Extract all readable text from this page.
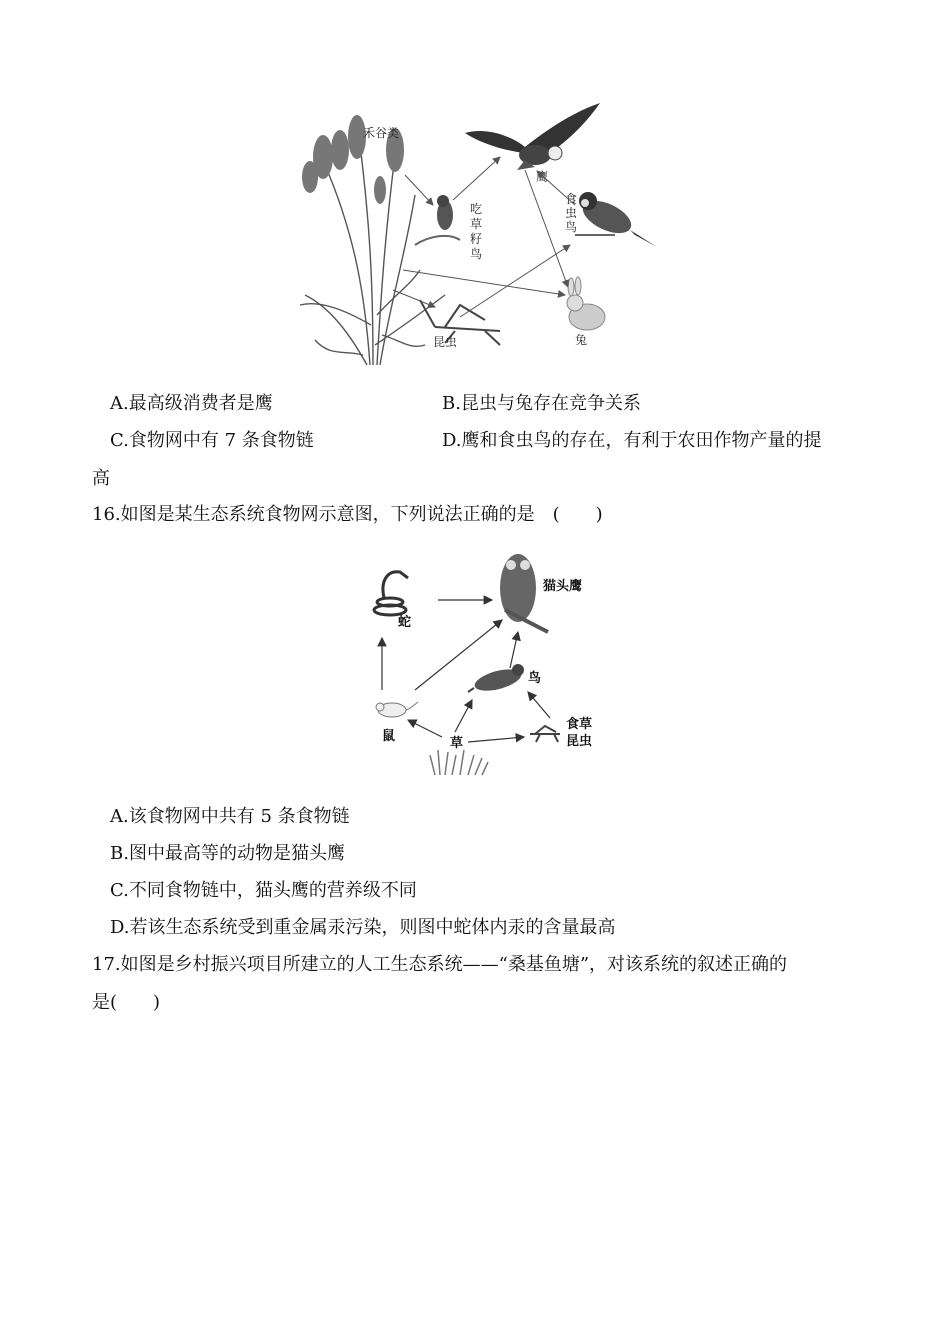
禾谷类
鹰
吃
草
籽
鸟
食
虫
鸟
兔
昆虫
A.最高级消费者是鹰	B.昆虫与兔存在竞争关系
C.食物网中有 7 条食物链	D.鹰和食虫鸟的存在，有利于农田作物产量的提
高
16.如图是某生态系统食物网示意图，下列说法正确的是　(　　)
蛇
猫头鹰
鸟
鼠
食草
昆虫
草
A.该食物网中共有 5 条食物链
B.图中最高等的动物是猫头鹰
C.不同食物链中，猫头鹰的营养级不同
D.若该生态系统受到重金属汞污染，则图中蛇体内汞的含量最高
17.如图是乡村振兴项目所建立的人工生态系统——“桑基鱼塘”，对该系统的叙述正确的
是(　　)
